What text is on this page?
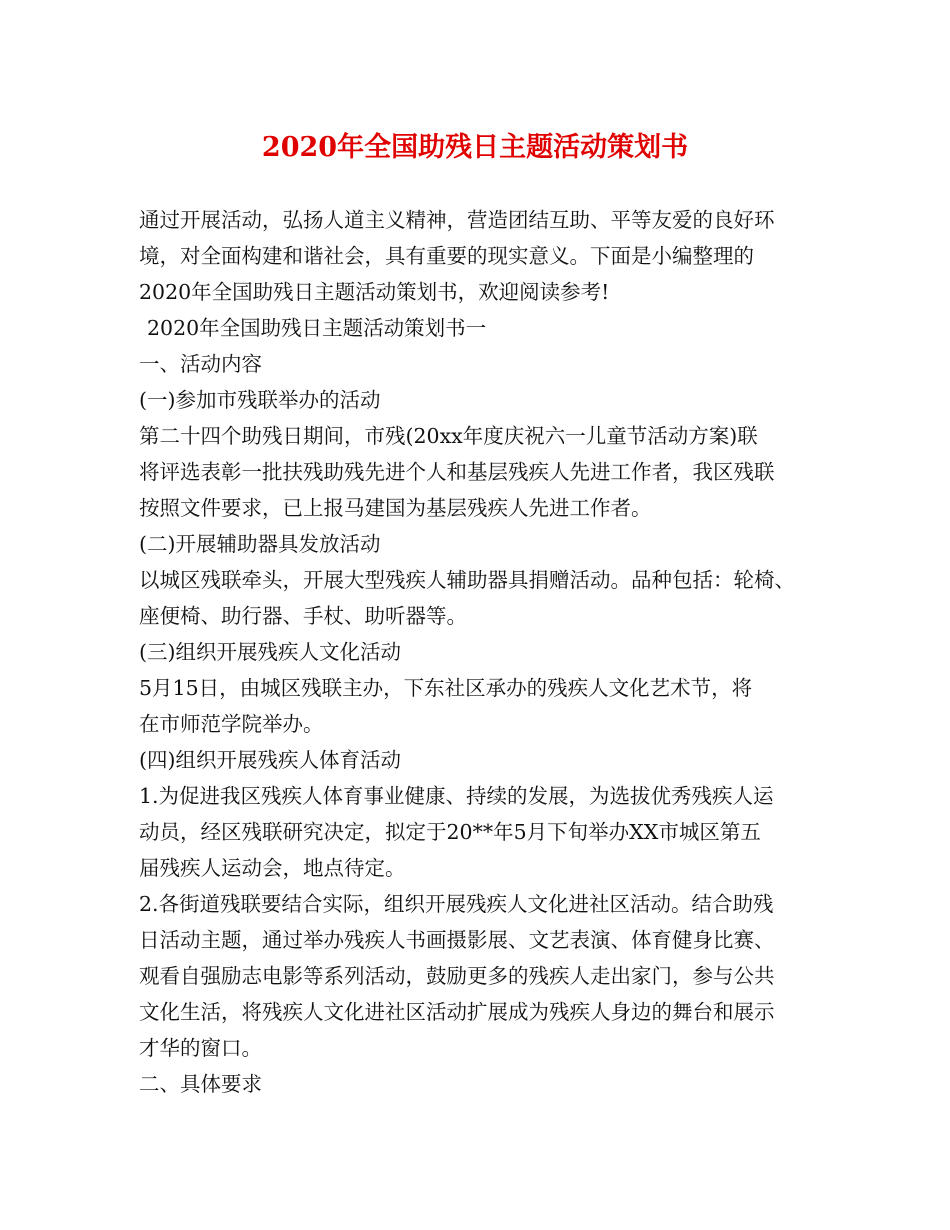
2020年全国助残日主题活动策划书
通过开展活动，弘扬人道主义精神，营造团结互助、平等友爱的良好环
境，对全面构建和谐社会，具有重要的现实意义。下面是小编整理的
2020年全国助残日主题活动策划书，欢迎阅读参考!
2020年全国助残日主题活动策划书一
一、活动内容
(一)参加市残联举办的活动
第二十四个助残日期间，市残(20xx年度庆祝六一儿童节活动方案)联
将评选表彰一批扶残助残先进个人和基层残疾人先进工作者，我区残联
按照文件要求，已上报马建国为基层残疾人先进工作者。
(二)开展辅助器具发放活动
以城区残联牵头，开展大型残疾人辅助器具捐赠活动。品种包括：轮椅、
座便椅、助行器、手杖、助听器等。
(三)组织开展残疾人文化活动
5月15日，由城区残联主办，下东社区承办的残疾人文化艺术节，将
在市师范学院举办。
(四)组织开展残疾人体育活动
1.为促进我区残疾人体育事业健康、持续的发展，为选拔优秀残疾人运
动员，经区残联研究决定，拟定于20**年5月下旬举办XX市城区第五
届残疾人运动会，地点待定。
2.各街道残联要结合实际，组织开展残疾人文化进社区活动。结合助残
日活动主题，通过举办残疾人书画摄影展、文艺表演、体育健身比赛、
观看自强励志电影等系列活动，鼓励更多的残疾人走出家门，参与公共
文化生活，将残疾人文化进社区活动扩展成为残疾人身边的舞台和展示
才华的窗口。
二、具体要求
